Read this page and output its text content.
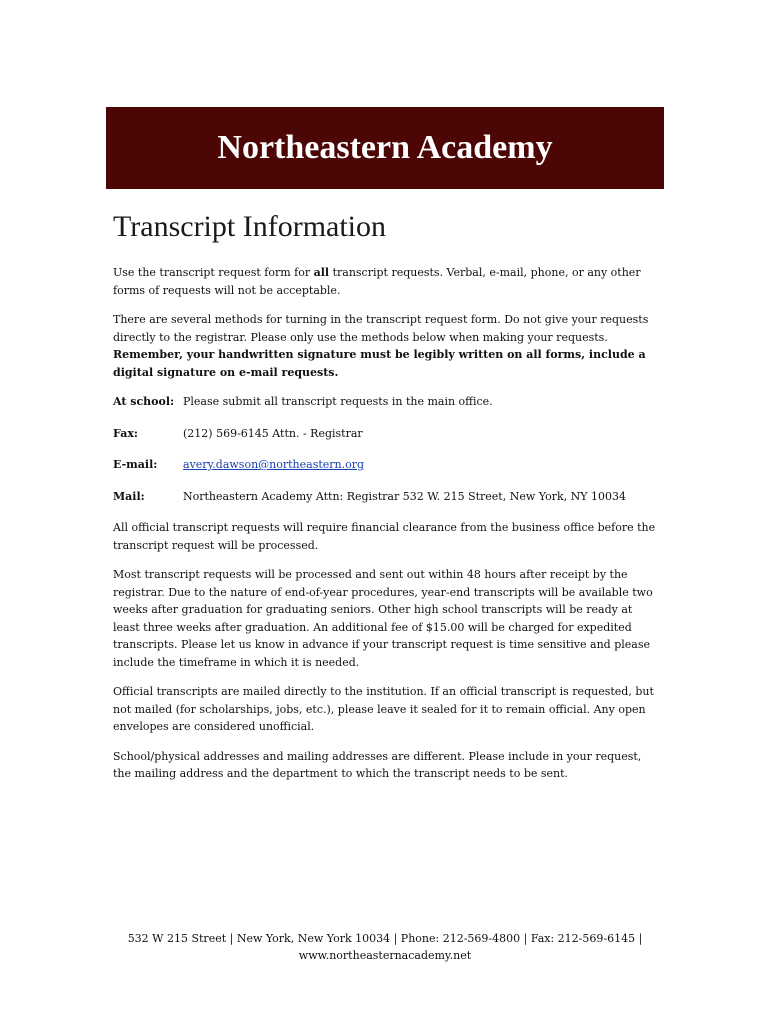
Northeastern Academy
Transcript Information

Use the transcript request form for all transcript requests. Verbal, e-mail, phone, or any other forms of requests will not be acceptable.

There are several methods for turning in the transcript request form. Do not give your requests directly to the registrar. Please only use the methods below when making your requests. Remember, your handwritten signature must be legibly written on all forms, include a digital signature on e-mail requests.

At school: Please submit all transcript requests in the main office.
Fax:	(212) 569-6145 Attn. - Registrar
E-mail:	avery.dawson@northeastern.org
Mail:	Northeastern Academy Attn: Registrar 532 W. 215 Street, New York, NY 10034

All official transcript requests will require financial clearance from the business office before the transcript request will be processed.

Most transcript requests will be processed and sent out within 48 hours after receipt by the registrar. Due to the nature of end-of-year procedures, year-end transcripts will be available two weeks after graduation for graduating seniors. Other high school transcripts will be ready at least three weeks after graduation. An additional fee of $15.00 will be charged for expedited transcripts. Please let us know in advance if your transcript request is time sensitive and please include the timeframe in which it is needed.

Official transcripts are mailed directly to the institution. If an official transcript is requested, but not mailed (for scholarships, jobs, etc.), please leave it sealed for it to remain official. Any open envelopes are considered unofficial.

School/physical addresses and mailing addresses are different. Please include in your request, the mailing address and the department to which the transcript needs to be sent.

532 W 215 Street | New York, New York 10034 | Phone: 212-569-4800 | Fax: 212-569-6145 |
www.northeasternacademy.net
